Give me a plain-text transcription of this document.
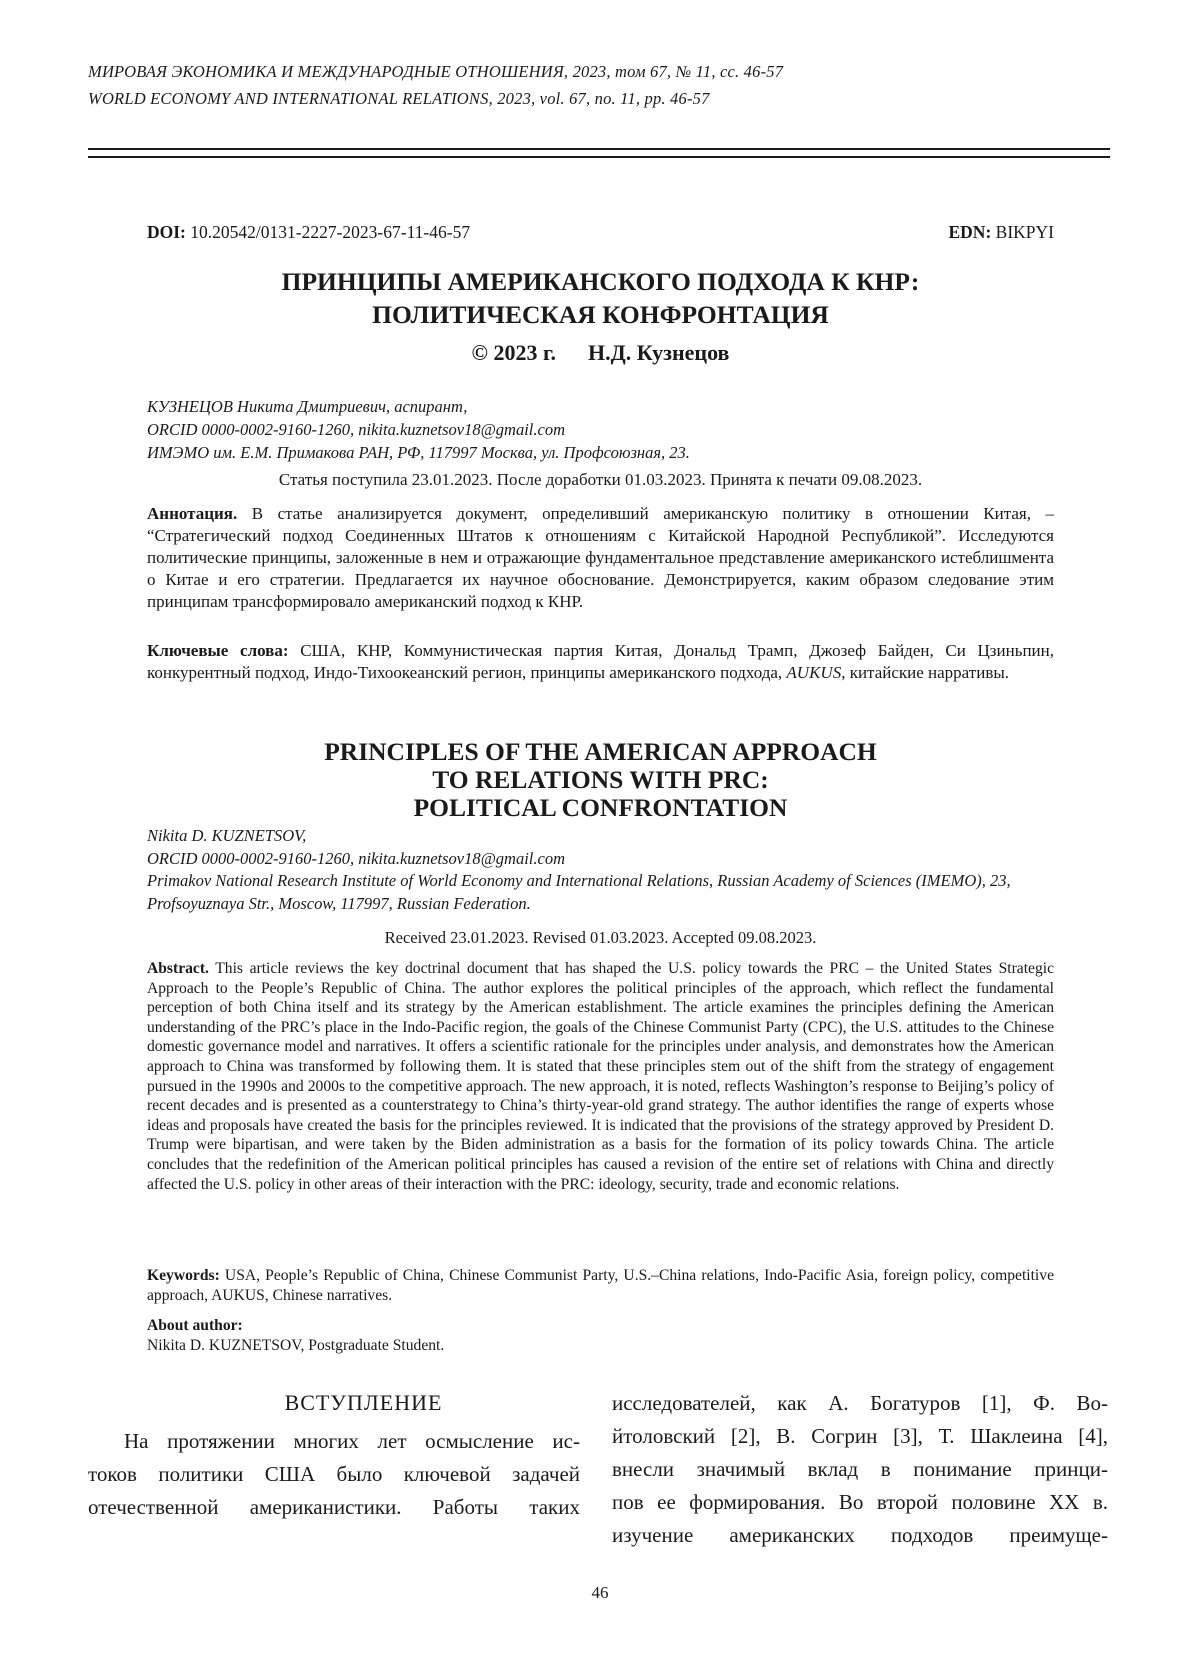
МИРОВАЯ ЭКОНОМИКА И МЕЖДУНАРОДНЫЕ ОТНОШЕНИЯ, 2023, том 67, № 11, сс. 46-57
WORLD ECONOMY AND INTERNATIONAL RELATIONS, 2023, vol. 67, no. 11, pp. 46-57
DOI: 10.20542/0131-2227-2023-67-11-46-57	EDN: BIKPYI
ПРИНЦИПЫ АМЕРИКАНСКОГО ПОДХОДА К КНР:
ПОЛИТИЧЕСКАЯ КОНФРОНТАЦИЯ
© 2023 г. Н.Д. Кузнецов
КУЗНЕЦОВ Никита Дмитриевич, аспирант,
ORCID 0000-0002-9160-1260, nikita.kuznetsov18@gmail.com
ИМЭМО им. Е.М. Примакова РАН, РФ, 117997 Москва, ул. Профсоюзная, 23.
Статья поступила 23.01.2023. После доработки 01.03.2023. Принята к печати 09.08.2023.
Аннотация. В статье анализируется документ, определивший американскую политику в отношении Китая, – “Стратегический подход Соединенных Штатов к отношениям с Китайской Народной Республикой”. Исследуются политические принципы, заложенные в нем и отражающие фундаментальное представление американского истеблишмента о Китае и его стратегии. Предлагается их научное обоснование. Демонстрируется, каким образом следование этим принципам трансформировало американский подход к КНР.
Ключевые слова: США, КНР, Коммунистическая партия Китая, Дональд Трамп, Джозеф Байден, Си Цзиньпин, конкурентный подход, Индо-Тихоокеанский регион, принципы американского подхода, AUKUS, китайские нарративы.
PRINCIPLES OF THE AMERICAN APPROACH
TO RELATIONS WITH PRC:
POLITICAL CONFRONTATION
Nikita D. KUZNETSOV,
ORCID 0000-0002-9160-1260, nikita.kuznetsov18@gmail.com
Primakov National Research Institute of World Economy and International Relations, Russian Academy of Sciences (IMEMO), 23, Profsoyuznaya Str., Moscow, 117997, Russian Federation.
Received 23.01.2023. Revised 01.03.2023. Accepted 09.08.2023.
Abstract. This article reviews the key doctrinal document that has shaped the U.S. policy towards the PRC – the United States Strategic Approach to the People’s Republic of China. The author explores the political principles of the approach, which reflect the fundamental perception of both China itself and its strategy by the American establishment. The article examines the principles defining the American understanding of the PRC’s place in the Indo-Pacific region, the goals of the Chinese Communist Party (CPC), the U.S. attitudes to the Chinese domestic governance model and narratives. It offers a scientific rationale for the principles under analysis, and demonstrates how the American approach to China was transformed by following them. It is stated that these principles stem out of the shift from the strategy of engagement pursued in the 1990s and 2000s to the competitive approach. The new approach, it is noted, reflects Washington’s response to Beijing’s policy of recent decades and is presented as a counterstrategy to China’s thirty-year-old grand strategy. The author identifies the range of experts whose ideas and proposals have created the basis for the principles reviewed. It is indicated that the provisions of the strategy approved by President D. Trump were bipartisan, and were taken by the Biden administration as a basis for the formation of its policy towards China. The article concludes that the redefinition of the American political principles has caused a revision of the entire set of relations with China and directly affected the U.S. policy in other areas of their interaction with the PRC: ideology, security, trade and economic relations.
Keywords: USA, People’s Republic of China, Chinese Communist Party, U.S.–China relations, Indo-Pacific Asia, foreign policy, competitive approach, AUKUS, Chinese narratives.
About author:
Nikita D. KUZNETSOV, Postgraduate Student.
ВСТУПЛЕНИЕ
На протяжении многих лет осмысление ис-
токов политики США было ключевой задачей
отечественной американистики. Работы таких
исследователей, как А. Богатуров [1], Ф. Во-
йтоловский [2], В. Согрин [3], Т. Шаклеина [4],
внесли значимый вклад в понимание принци-
пов ее формирования. Во второй половине XX в.
изучение американских подходов преимуще-
46
